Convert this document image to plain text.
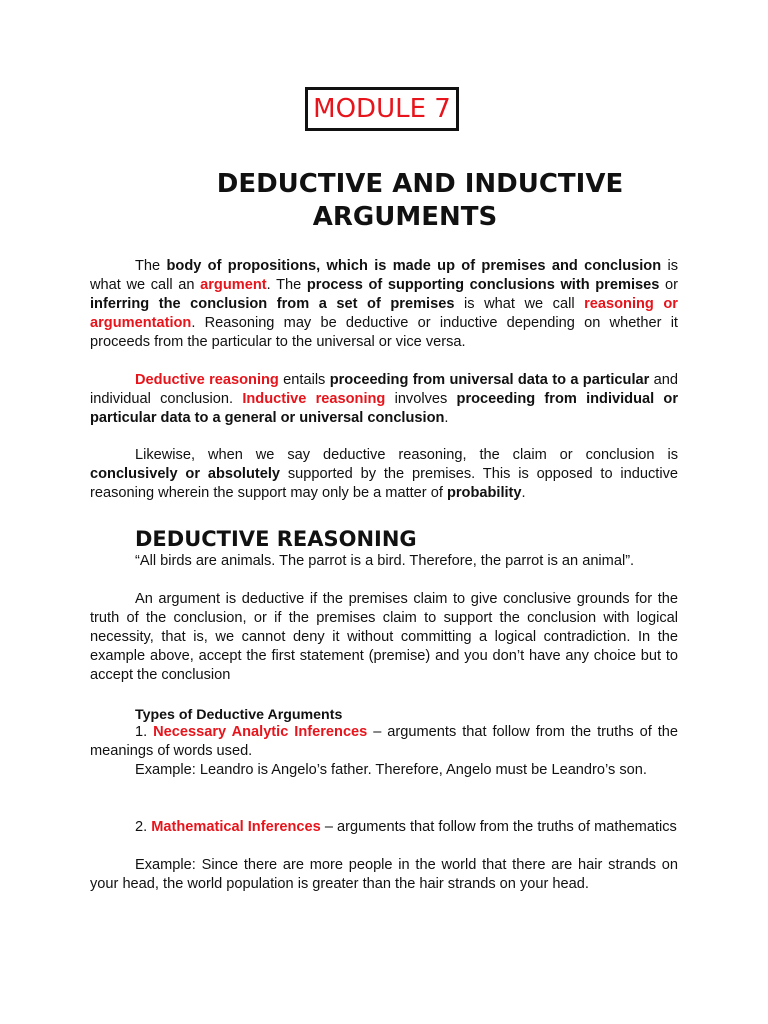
MODULE 7
DEDUCTIVE AND INDUCTIVE
ARGUMENTS

The body of propositions, which is made up of premises and conclusion is what we call an argument. The process of supporting conclusions with premises or inferring the conclusion from a set of premises is what we call reasoning or argumentation. Reasoning may be deductive or inductive depending on whether it proceeds from the particular to the universal or vice versa.

Deductive reasoning entails proceeding from universal data to a particular and individual conclusion. Inductive reasoning involves proceeding from individual or particular data to a general or universal conclusion.

Likewise, when we say deductive reasoning, the claim or conclusion is conclusively or absolutely supported by the premises. This is opposed to inductive reasoning wherein the support may only be a matter of probability.

DEDUCTIVE REASONING

“All birds are animals. The parrot is a bird. Therefore, the parrot is an animal”.

An argument is deductive if the premises claim to give conclusive grounds for the truth of the conclusion, or if the premises claim to support the conclusion with logical necessity, that is, we cannot deny it without committing a logical contradiction. In the example above, accept the first statement (premise) and you don’t have any choice but to accept the conclusion

Types of Deductive Arguments

1. Necessary Analytic Inferences – arguments that follow from the truths of the meanings of words used.

Example: Leandro is Angelo’s father. Therefore, Angelo must be Leandro’s son.

2. Mathematical Inferences – arguments that follow from the truths of mathematics

Example: Since there are more people in the world that there are hair strands on your head, the world population is greater than the hair strands on your head.
